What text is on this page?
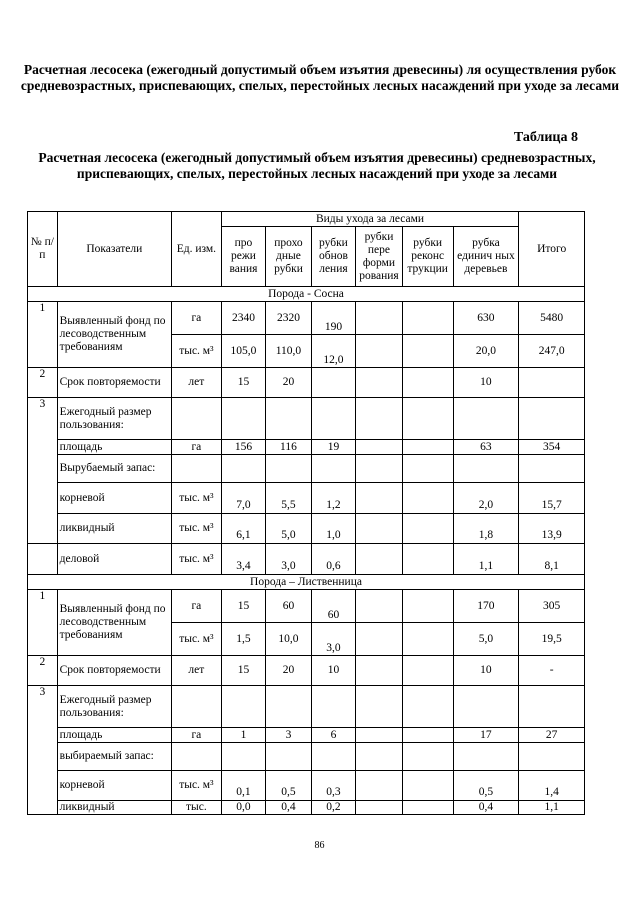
Расчетная лесосека (ежегодный допустимый объем изъятия древесины) ля осуществления рубок средневозрастных, приспевающих, спелых, перестойных лесных насаждений при уходе за лесами
Таблица 8
Расчетная лесосека (ежегодный допустимый объем изъятия древесины) средневозрастных, приспевающих, спелых, перестойных лесных насаждений при уходе за лесами
№ п/п	Показатели	Ед. изм.	Виды ухода за лесами						Итого
			про режи вания	прохо дные рубки	рубки обнов ления	рубки пере форми рования	рубки реконс трукции	рубка единич ных деревьев	
Порода - Сосна									
1	Выявленный фонд по лесоводственным требованиям	га	2340	2320	190			630	5480
		тыс. м³	105,0	110,0	12,0			20,0	247,0
2	Срок повторяемости	лет	15	20				10	
3	Ежегодный размер пользования:								
	площадь	га	156	116	19			63	354
	Вырубаемый запас:								
	корневой	тыс. м³	7,0	5,5	1,2			2,0	15,7
	ликвидный	тыс. м³	6,1	5,0	1,0			1,8	13,9
	деловой	тыс. м³	3,4	3,0	0,6			1,1	8,1
Порода – Лиственница									
1	Выявленный фонд по лесоводственным требованиям	га	15	60	60			170	305
		тыс. м³	1,5	10,0	3,0			5,0	19,5
2	Срок повторяемости	лет	15	20	10			10	-
3	Ежегодный размер пользования:								
	площадь	га	1	3	6			17	27
	выбираемый запас:								
	корневой	тыс. м³	0,1	0,5	0,3			0,5	1,4
	ликвидный	тыс.	0,0	0,4	0,2			0,4	1,1
86
